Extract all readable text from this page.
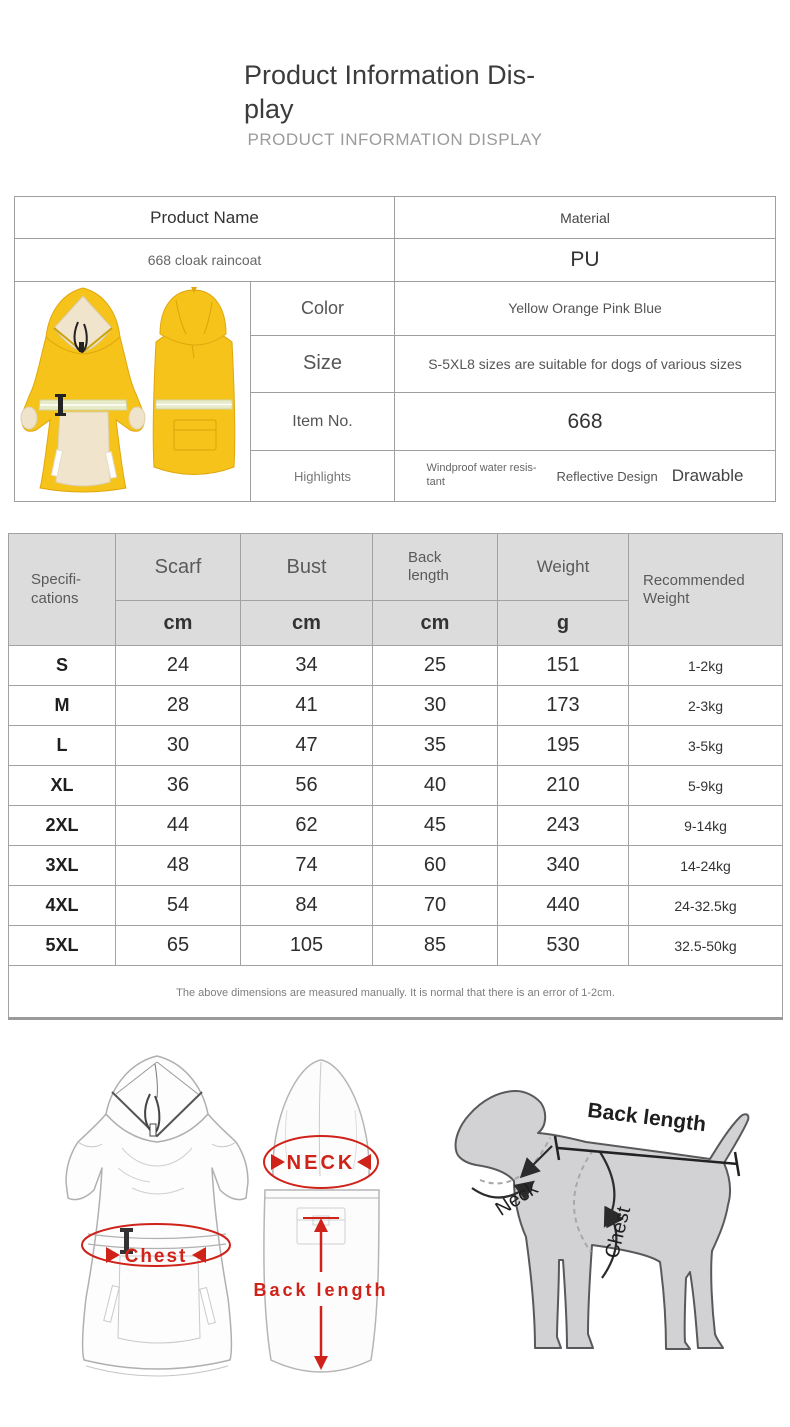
Product Information Dis-
play
PRODUCT INFORMATION DISPLAY
Product Name		Material
668 cloak raincoat		PU
	Color	Yellow Orange Pink Blue
	Size	S-5XL8 sizes are suitable for dogs of various sizes
	Item No.	668
	Highlights	Windproof water resis-tant Reflective Design Drawable
Specifi-cations	Scarf	Bust	Back length	Weight	Recommended Weight
	cm	cm	cm	g	
S	24	34	25	151	1-2kg
M	28	41	30	173	2-3kg
L	30	47	35	195	3-5kg
XL	36	56	40	210	5-9kg
2XL	44	62	45	243	9-14kg
3XL	48	74	60	340	14-24kg
4XL	54	84	70	440	24-32.5kg
5XL	65	105	85	530	32.5-50kg
The above dimensions are measured manually. It is normal that there is an error of 1-2cm.					
Chest
NECK
Back length
Back length
Neck
Chest
